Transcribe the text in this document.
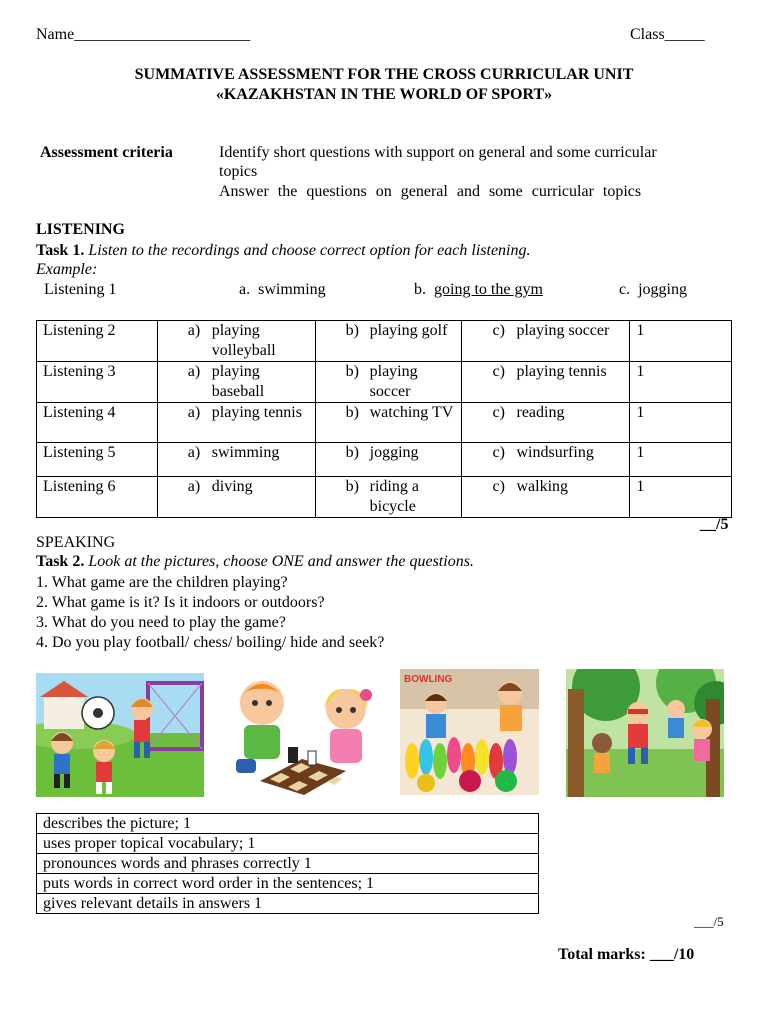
Name______________________	Class_____
SUMMATIVE ASSESSMENT FOR THE CROSS CURRICULAR UNIT
«KAZAKHSTAN IN THE WORLD OF SPORT»
Assessment criteria	Identify short questions with support on general and some curricular
topics
Answer the questions on general and some curricular topics
LISTENING
Task 1. Listen to the recordings and choose correct option for each listening.
Example:
Listening 1	a. swimming	b. going to the gym	c. jogging
Listening 2	a) playing volleyball	b) playing golf	c) playing soccer	1
Listening 3	a) playing baseball	b) playing soccer	c) playing tennis	1
Listening 4	a) playing tennis	b) watching TV	c) reading	1
Listening 5	a) swimming	b) jogging	c) windsurfing	1
Listening 6	a) diving	b) riding a bicycle	c) walking	1
__/5
SPEAKING
Task 2. Look at the pictures, choose ONE and answer the questions.
1. What game are the children playing?
2. What game is it? Is it indoors or outdoors?
3. What do you need to play the game?
4. Do you play football/ chess/ boiling/ hide and seek?
BOWLING
describes the picture; 1
uses proper topical vocabulary; 1
pronounces words and phrases correctly 1
puts words in correct word order in the sentences; 1
gives relevant details in answers 1
___/5
Total marks: ___/10
